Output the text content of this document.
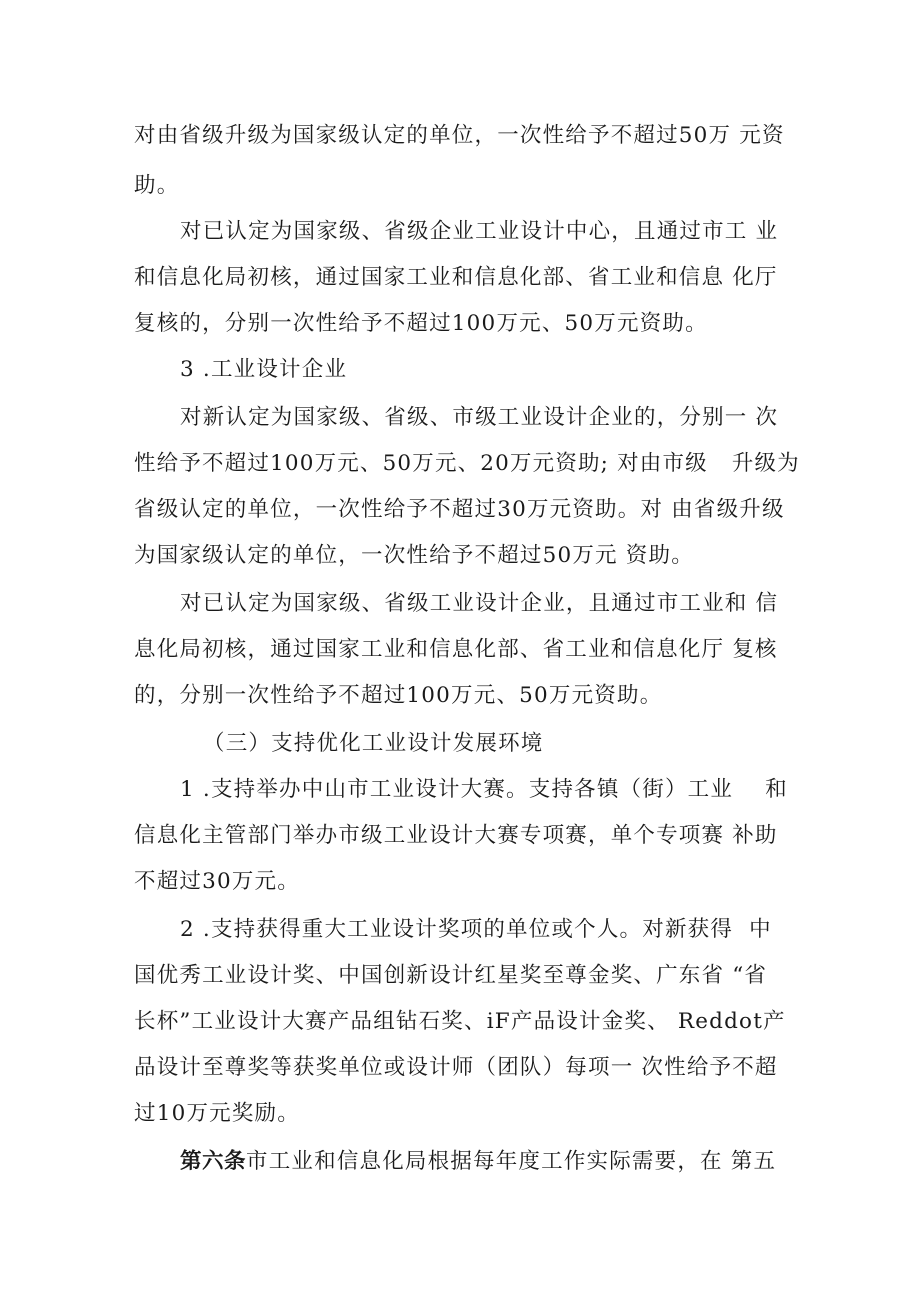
对由省级升级为国家级认定的单位，一次性给予不超过50万 元资
助。
对已认定为国家级、省级企业工业设计中心，且通过市工 业
和信息化局初核，通过国家工业和信息化部、省工业和信息 化厅
复核的，分别一次性给予不超过100万元、50万元资助。
3 .工业设计企业
对新认定为国家级、省级、市级工业设计企业的，分别一 次
性给予不超过100万元、50万元、20万元资助; 对由市级   升级为
省级认定的单位，一次性给予不超过30万元资助。对 由省级升级
为国家级认定的单位，一次性给予不超过50万元 资助。
对已认定为国家级、省级工业设计企业，且通过市工业和 信
息化局初核，通过国家工业和信息化部、省工业和信息化厅 复核
的，分别一次性给予不超过100万元、50万元资助。
（三）支持优化工业设计发展环境
1 .支持举办中山市工业设计大赛。支持各镇（街）工业    和
信息化主管部门举办市级工业设计大赛专项赛，单个专项赛 补助
不超过30万元。
2 .支持获得重大工业设计奖项的单位或个人。对新获得  中
国优秀工业设计奖、中国创新设计红星奖至尊金奖、广东省 “省
长杯”工业设计大赛产品组钻石奖、iF产品设计金奖、 Reddot产
品设计至尊奖等获奖单位或设计师（团队）每项一 次性给予不超
过10万元奖励。
第六条市工业和信息化局根据每年度工作实际需要，在 第五
